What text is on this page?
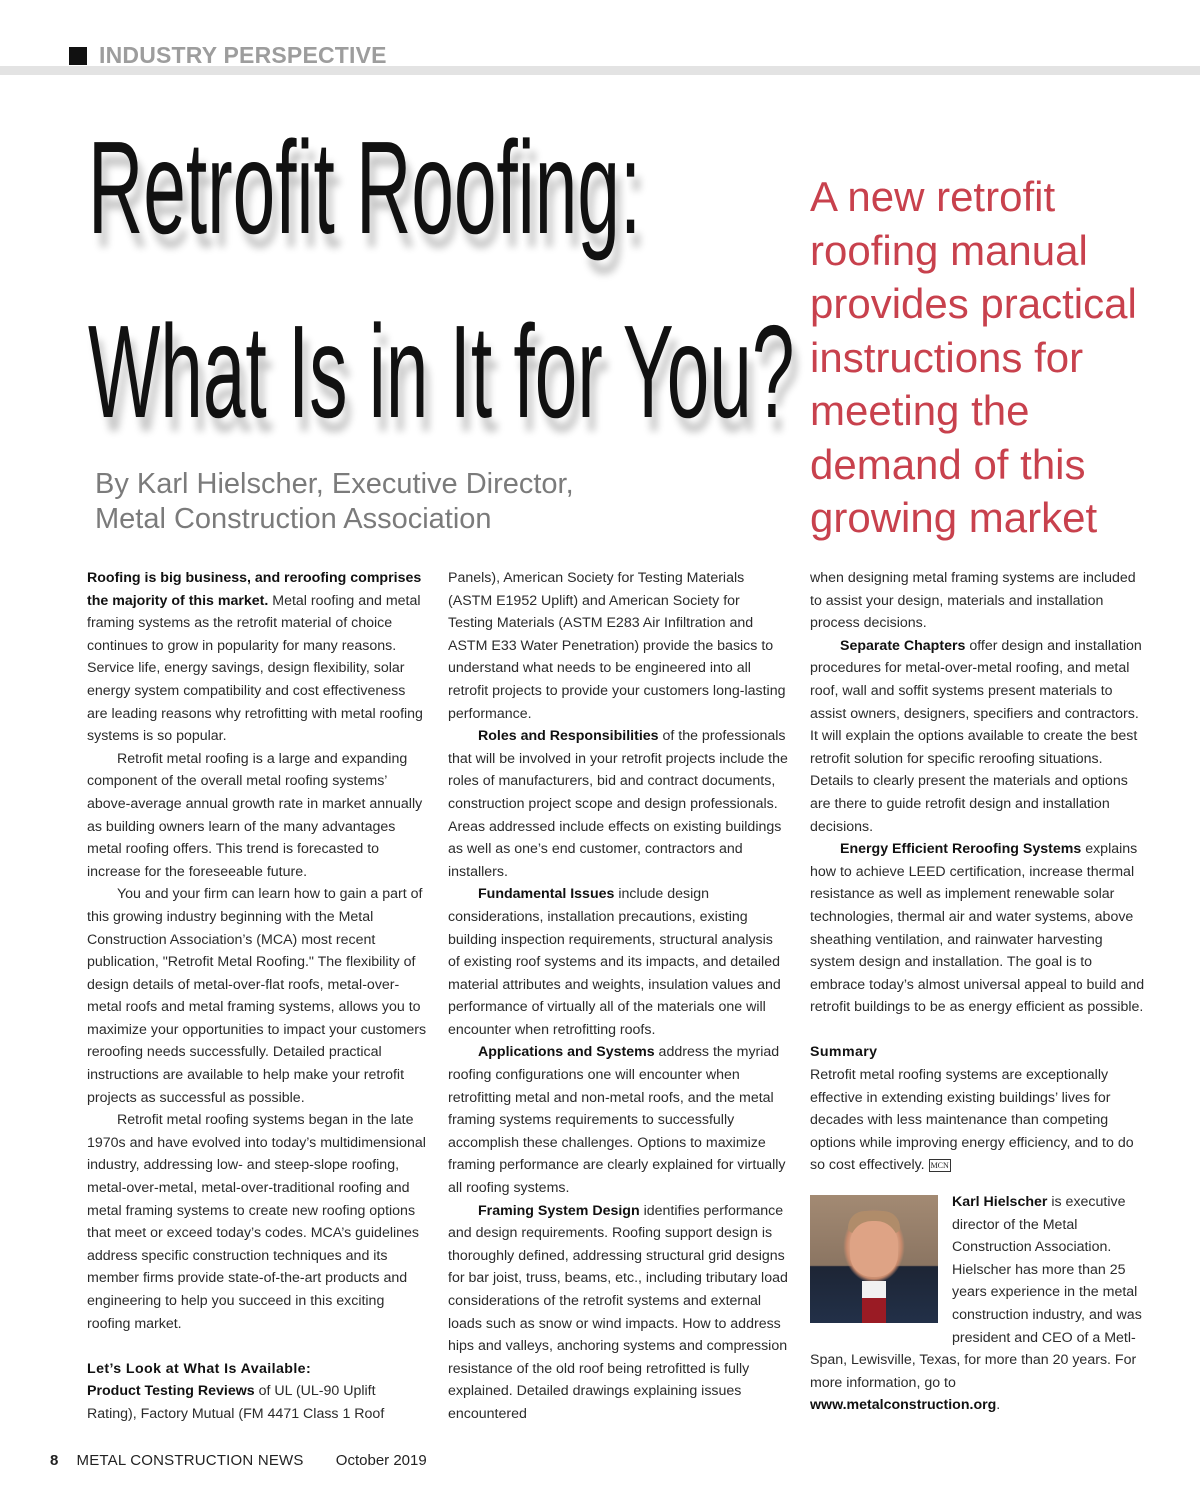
INDUSTRY PERSPECTIVE
Retrofit Roofing:
What Is in It for You?
By Karl Hielscher, Executive Director,
Metal Construction Association
A new retrofit
roofing manual
provides practical
instructions for
meeting the
demand of this
growing market

Roofing is big business, and reroofing comprises the majority of this market. Metal roofing and metal framing systems as the retrofit material of choice continues to grow in popularity for many reasons. Service life, energy savings, design flexibility, solar energy system compatibility and cost effectiveness are leading reasons why retrofitting with metal roofing systems is so popular.

Retrofit metal roofing is a large and expanding component of the overall metal roofing systems’ above-average annual growth rate in market annually as building owners learn of the many advantages metal roofing offers. This trend is forecasted to increase for the foreseeable future.

You and your firm can learn how to gain a part of this growing industry beginning with the Metal Construction Association’s (MCA) most recent publication, "Retrofit Metal Roofing." The flexibility of design details of metal-over-flat roofs, metal-over-metal roofs and metal framing systems, allows you to maximize your opportunities to impact your customers reroofing needs successfully. Detailed practical instructions are available to help make your retrofit projects as successful as possible.

Retrofit metal roofing systems began in the late 1970s and have evolved into today’s multidimensional industry, addressing low- and steep-slope roofing, metal-over-metal, metal-over-traditional roofing and metal framing systems to create new roofing options that meet or exceed today’s codes. MCA’s guidelines address specific construction techniques and its member firms provide state-of-the-art products and engineering to help you succeed in this exciting roofing market.

Let’s Look at What Is Available:

Product Testing Reviews of UL (UL-90 Uplift Rating), Factory Mutual (FM 4471 Class 1 Roof

Panels), American Society for Testing Materials (ASTM E1952 Uplift) and American Society for Testing Materials (ASTM E283 Air Infiltration and ASTM E33 Water Penetration) provide the basics to understand what needs to be engineered into all retrofit projects to provide your customers long-lasting performance.

Roles and Responsibilities of the professionals that will be involved in your retrofit projects include the roles of manufacturers, bid and contract documents, construction project scope and design professionals. Areas addressed include effects on existing buildings as well as one’s end customer, contractors and installers.

Fundamental Issues include design considerations, installation precautions, existing building inspection requirements, structural analysis of existing roof systems and its impacts, and detailed material attributes and weights, insulation values and performance of virtually all of the materials one will encounter when retrofitting roofs.

Applications and Systems address the myriad roofing configurations one will encounter when retrofitting metal and non-metal roofs, and the metal framing systems requirements to successfully accomplish these challenges. Options to maximize framing performance are clearly explained for virtually all roofing systems.

Framing System Design identifies performance and design requirements. Roofing support design is thoroughly defined, addressing structural grid designs for bar joist, truss, beams, etc., including tributary load considerations of the retrofit systems and external loads such as snow or wind impacts. How to address hips and valleys, anchoring systems and compression resistance of the old roof being retrofitted is fully explained. Detailed drawings explaining issues encountered

when designing metal framing systems are included to assist your design, materials and installation process decisions.

Separate Chapters offer design and installation procedures for metal-over-metal roofing, and metal roof, wall and soffit systems present materials to assist owners, designers, specifiers and contractors. It will explain the options available to create the best retrofit solution for specific reroofing situations. Details to clearly present the materials and options are there to guide retrofit design and installation decisions.

Energy Efficient Reroofing Systems explains how to achieve LEED certification, increase thermal resistance as well as implement renewable solar technologies, thermal air and water systems, above sheathing ventilation, and rainwater harvesting system design and installation. The goal is to embrace today’s almost universal appeal to build and retrofit buildings to be as energy efficient as possible.

Summary

Retrofit metal roofing systems are exceptionally effective in extending existing buildings’ lives for decades with less maintenance than competing options while improving energy efficiency, and to do so cost effectively. MCN

Karl Hielscher is executive director of the Metal Construction Association. Hielscher has more than 25 years experience in the metal construction industry, and was president and CEO of a Metl-Span, Lewisville, Texas, for more than 20 years. For more information, go to www.metalconstruction.org.

8 METAL CONSTRUCTION NEWS October 2019
